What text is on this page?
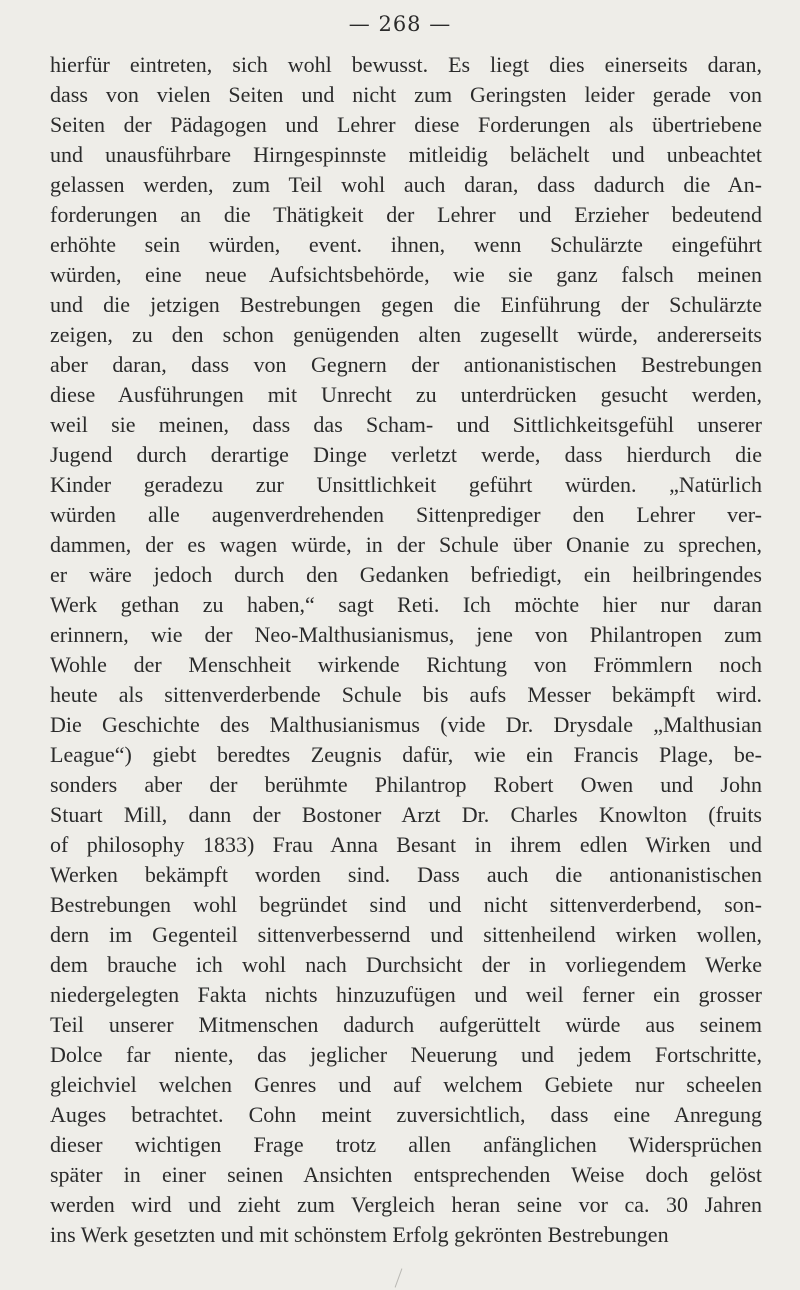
— 268 —
hierfür eintreten, sich wohl bewusst. Es liegt dies einerseits daran,
dass von vielen Seiten und nicht zum Geringsten leider gerade von
Seiten der Pädagogen und Lehrer diese Forderungen als übertriebene
und unausführbare Hirngespinnste mitleidig belächelt und unbeachtet
gelassen werden, zum Teil wohl auch daran, dass dadurch die An-
forderungen an die Thätigkeit der Lehrer und Erzieher bedeutend
erhöhte sein würden, event. ihnen, wenn Schulärzte eingeführt
würden, eine neue Aufsichtsbehörde, wie sie ganz falsch meinen
und die jetzigen Bestrebungen gegen die Einführung der Schulärzte
zeigen, zu den schon genügenden alten zugesellt würde, andererseits
aber daran, dass von Gegnern der antionanistischen Bestrebungen
diese Ausführungen mit Unrecht zu unterdrücken gesucht werden,
weil sie meinen, dass das Scham- und Sittlichkeitsgefühl unserer
Jugend durch derartige Dinge verletzt werde, dass hierdurch die
Kinder geradezu zur Unsittlichkeit geführt würden. „Natürlich
würden alle augenverdrehenden Sittenprediger den Lehrer ver-
dammen, der es wagen würde, in der Schule über Onanie zu sprechen,
er wäre jedoch durch den Gedanken befriedigt, ein heilbringendes
Werk gethan zu haben,“ sagt Reti. Ich möchte hier nur daran
erinnern, wie der Neo-Malthusianismus, jene von Philantropen zum
Wohle der Menschheit wirkende Richtung von Frömmlern noch
heute als sittenverderbende Schule bis aufs Messer bekämpft wird.
Die Geschichte des Malthusianismus (vide Dr. Drysdale „Malthusian
League“) giebt beredtes Zeugnis dafür, wie ein Francis Plage, be-
sonders aber der berühmte Philantrop Robert Owen und John
Stuart Mill, dann der Bostoner Arzt Dr. Charles Knowlton (fruits
of philosophy 1833) Frau Anna Besant in ihrem edlen Wirken und
Werken bekämpft worden sind. Dass auch die antionanistischen
Bestrebungen wohl begründet sind und nicht sittenverderbend, son-
dern im Gegenteil sittenverbessernd und sittenheilend wirken wollen,
dem brauche ich wohl nach Durchsicht der in vorliegendem Werke
niedergelegten Fakta nichts hinzuzufügen und weil ferner ein grosser
Teil unserer Mitmenschen dadurch aufgerüttelt würde aus seinem
Dolce far niente, das jeglicher Neuerung und jedem Fortschritte,
gleichviel welchen Genres und auf welchem Gebiete nur scheelen
Auges betrachtet. Cohn meint zuversichtlich, dass eine Anregung
dieser wichtigen Frage trotz allen anfänglichen Widersprüchen
später in einer seinen Ansichten entsprechenden Weise doch gelöst
werden wird und zieht zum Vergleich heran seine vor ca. 30 Jahren
ins Werk gesetzten und mit schönstem Erfolg gekrönten Bestrebungen
